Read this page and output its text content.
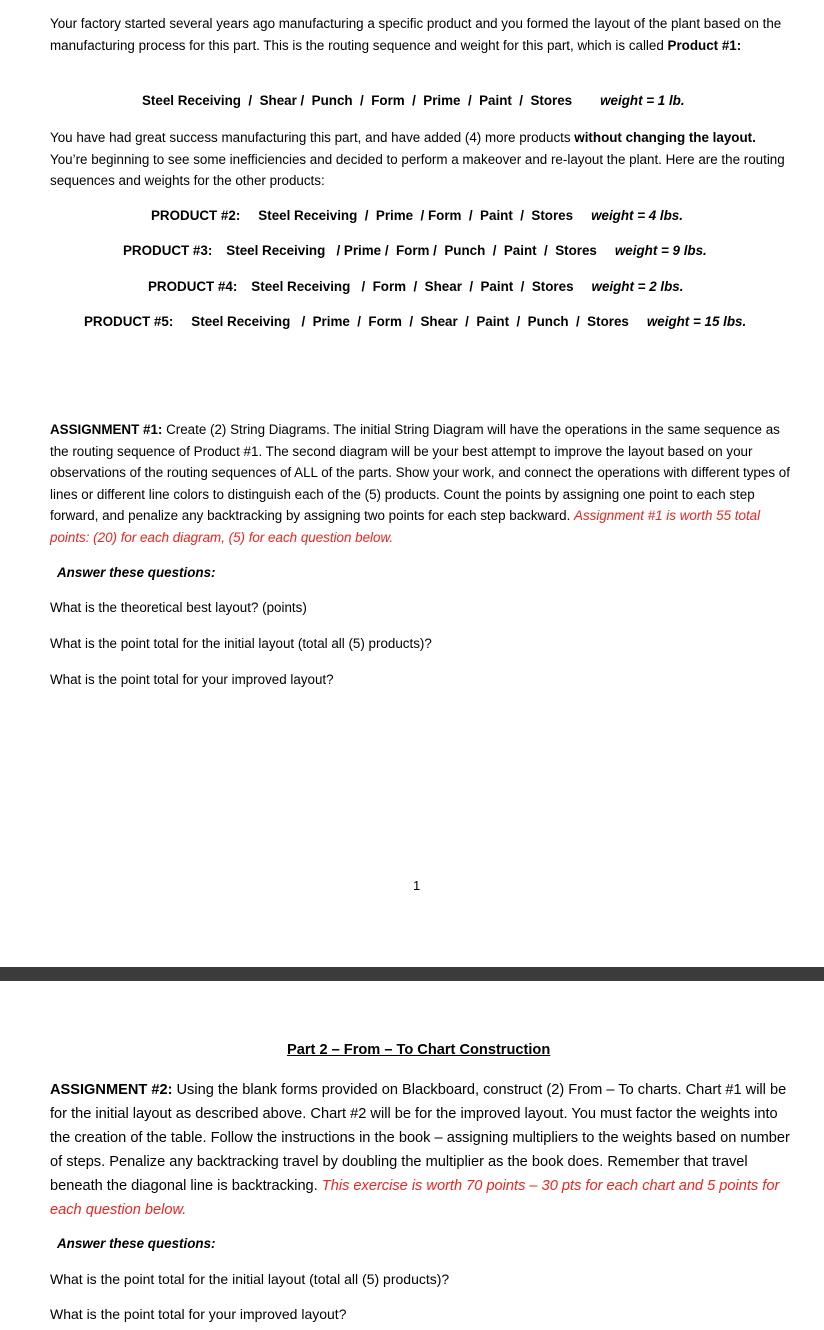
Your factory started several years ago manufacturing a specific product and you formed the layout of the plant based on the manufacturing process for this part. This is the routing sequence and weight for this part, which is called Product #1:
Steel Receiving  /  Shear /  Punch  /  Form  /  Prime  /  Paint  /  Stores weight = 1 lb.
You have had great success manufacturing this part, and have added (4) more products without changing the layout. You’re beginning to see some inefficiencies and decided to perform a makeover and re-layout the plant. Here are the routing sequences and weights for the other products:
PRODUCT #2: Steel Receiving  /  Prime  / Form  /  Paint  /  Stores weight = 4 lbs.
PRODUCT #3: Steel Receiving   / Prime /  Form /  Punch  /  Paint  /  Stores weight = 9 lbs.
PRODUCT #4: Steel Receiving   /  Form  /  Shear  /  Paint  /  Stores weight = 2 lbs.
PRODUCT #5: Steel Receiving   /  Prime  /  Form  /  Shear  /  Paint  /  Punch  /  Stores weight = 15 lbs.
ASSIGNMENT #1: Create (2) String Diagrams. The initial String Diagram will have the operations in the same sequence as the routing sequence of Product #1. The second diagram will be your best attempt to improve the layout based on your observations of the routing sequences of ALL of the parts. Show your work, and connect the operations with different types of lines or different line colors to distinguish each of the (5) products. Count the points by assigning one point to each step forward, and penalize any backtracking by assigning two points for each step backward. Assignment #1 is worth 55 total points: (20) for each diagram, (5) for each question below.
Answer these questions:
What is the theoretical best layout? (points)
What is the point total for the initial layout (total all (5) products)?
What is the point total for your improved layout?
1
Part 2 – From – To Chart Construction
ASSIGNMENT #2: Using the blank forms provided on Blackboard, construct (2) From – To charts. Chart #1 will be for the initial layout as described above. Chart #2 will be for the improved layout. You must factor the weights into the creation of the table. Follow the instructions in the book – assigning multipliers to the weights based on number of steps. Penalize any backtracking travel by doubling the multiplier as the book does. Remember that travel beneath the diagonal line is backtracking. This exercise is worth 70 points – 30 pts for each chart and 5 points for each question below.
Answer these questions:
What is the point total for the initial layout (total all (5) products)?
What is the point total for your improved layout?
